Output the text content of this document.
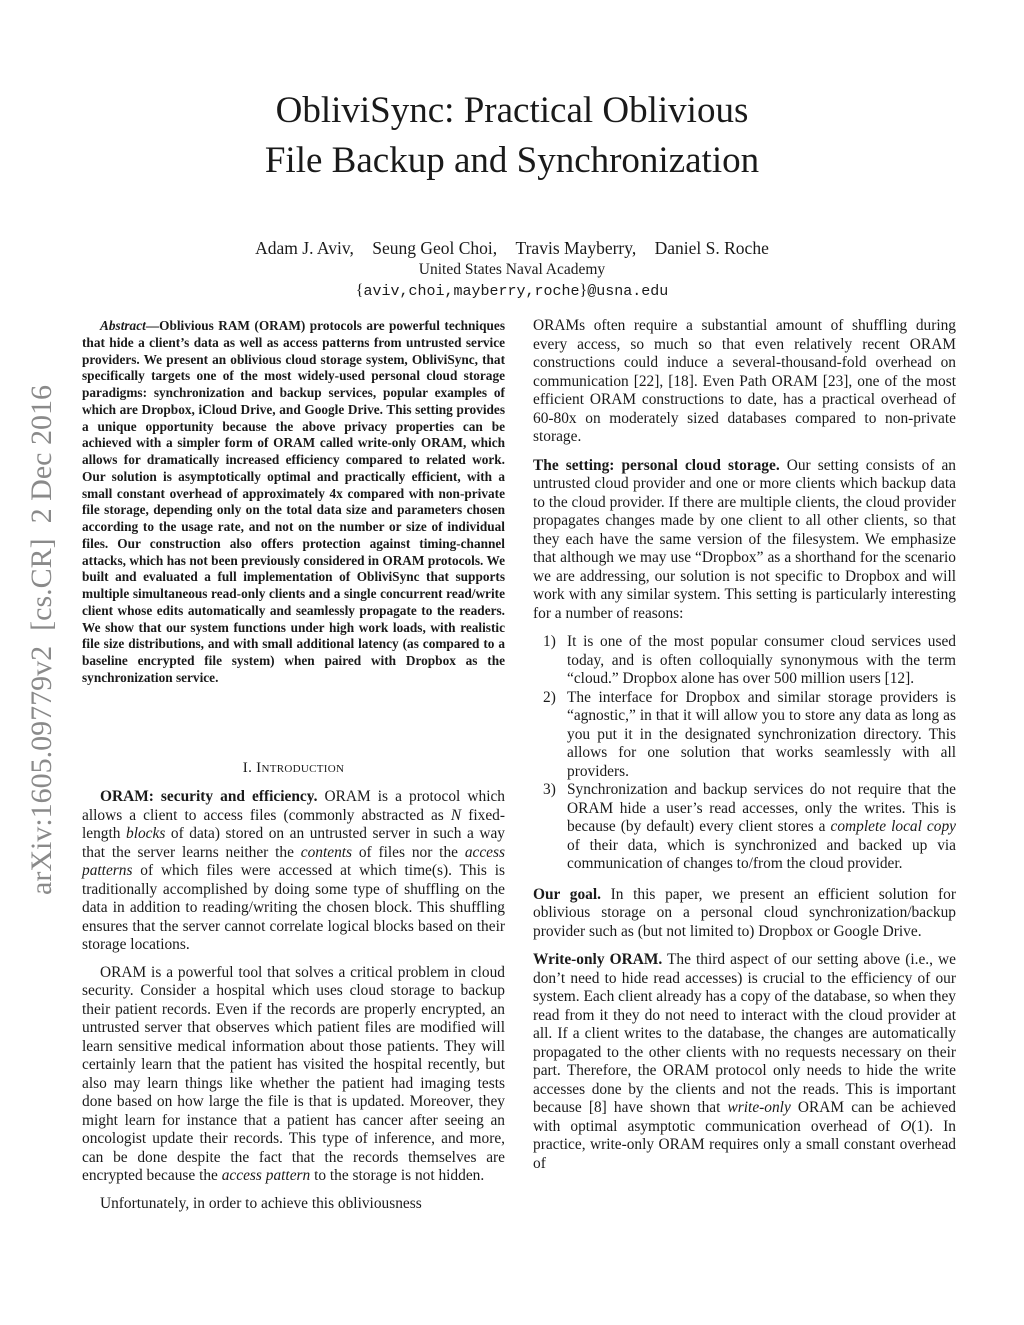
ObliviSync: Practical Oblivious
File Backup and Synchronization
Adam J. Aviv, Seung Geol Choi, Travis Mayberry, Daniel S. Roche
United States Naval Academy
{aviv,choi,mayberry,roche}@usna.edu
arXiv:1605.09779v2  [cs.CR]  2 Dec 2016

Abstract—Oblivious RAM (ORAM) protocols are powerful techniques that hide a client’s data as well as access patterns from untrusted service providers. We present an oblivious cloud storage system, ObliviSync, that specifically targets one of the most widely-used personal cloud storage paradigms: synchronization and backup services, popular examples of which are Dropbox, iCloud Drive, and Google Drive. This setting provides a unique opportunity because the above privacy properties can be achieved with a simpler form of ORAM called write-only ORAM, which allows for dramatically increased efficiency compared to related work. Our solution is asymptotically optimal and practically efficient, with a small constant overhead of approximately 4x compared with non-private file storage, depending only on the total data size and parameters chosen according to the usage rate, and not on the number or size of individual files. Our construction also offers protection against timing-channel attacks, which has not been previously considered in ORAM protocols. We built and evaluated a full implementation of ObliviSync that supports multiple simultaneous read-only clients and a single concurrent read/write client whose edits automatically and seamlessly propagate to the readers. We show that our system functions under high work loads, with realistic file size distributions, and with small additional latency (as compared to a baseline encrypted file system) when paired with Dropbox as the synchronization service.

I. Introduction

ORAM: security and efficiency. ORAM is a protocol which allows a client to access files (commonly abstracted as N fixed-length blocks of data) stored on an untrusted server in such a way that the server learns neither the contents of files nor the access patterns of which files were accessed at which time(s). This is traditionally accomplished by doing some type of shuffling on the data in addition to reading/writing the chosen block. This shuffling ensures that the server cannot correlate logical blocks based on their storage locations.

ORAM is a powerful tool that solves a critical problem in cloud security. Consider a hospital which uses cloud storage to backup their patient records. Even if the records are properly encrypted, an untrusted server that observes which patient files are modified will learn sensitive medical information about those patients. They will certainly learn that the patient has visited the hospital recently, but also may learn things like whether the patient had imaging tests done based on how large the file is that is updated. Moreover, they might learn for instance that a patient has cancer after seeing an oncologist update their records. This type of inference, and more, can be done despite the fact that the records themselves are encrypted because the access pattern to the storage is not hidden.

Unfortunately, in order to achieve this obliviousness

ORAMs often require a substantial amount of shuffling during every access, so much so that even relatively recent ORAM constructions could induce a several-thousand-fold overhead on communication [22], [18]. Even Path ORAM [23], one of the most efficient ORAM constructions to date, has a practical overhead of 60-80x on moderately sized databases compared to non-private storage.

The setting: personal cloud storage. Our setting consists of an untrusted cloud provider and one or more clients which backup data to the cloud provider. If there are multiple clients, the cloud provider propagates changes made by one client to all other clients, so that they each have the same version of the filesystem. We emphasize that although we may use “Dropbox” as a shorthand for the scenario we are addressing, our solution is not specific to Dropbox and will work with any similar system. This setting is particularly interesting for a number of reasons:

1) It is one of the most popular consumer cloud services used today, and is often colloquially synonymous with the term “cloud.” Dropbox alone has over 500 million users [12].
2) The interface for Dropbox and similar storage providers is “agnostic,” in that it will allow you to store any data as long as you put it in the designated synchronization directory. This allows for one solution that works seamlessly with all providers.
3) Synchronization and backup services do not require that the ORAM hide a user’s read accesses, only the writes. This is because (by default) every client stores a complete local copy of their data, which is synchronized and backed up via communication of changes to/from the cloud provider.

Our goal. In this paper, we present an efficient solution for oblivious storage on a personal cloud synchronization/backup provider such as (but not limited to) Dropbox or Google Drive.

Write-only ORAM. The third aspect of our setting above (i.e., we don’t need to hide read accesses) is crucial to the efficiency of our system. Each client already has a copy of the database, so when they read from it they do not need to interact with the cloud provider at all. If a client writes to the database, the changes are automatically propagated to the other clients with no requests necessary on their part. Therefore, the ORAM protocol only needs to hide the write accesses done by the clients and not the reads. This is important because [8] have shown that write-only ORAM can be achieved with optimal asymptotic communication overhead of O(1). In practice, write-only ORAM requires only a small constant overhead of
